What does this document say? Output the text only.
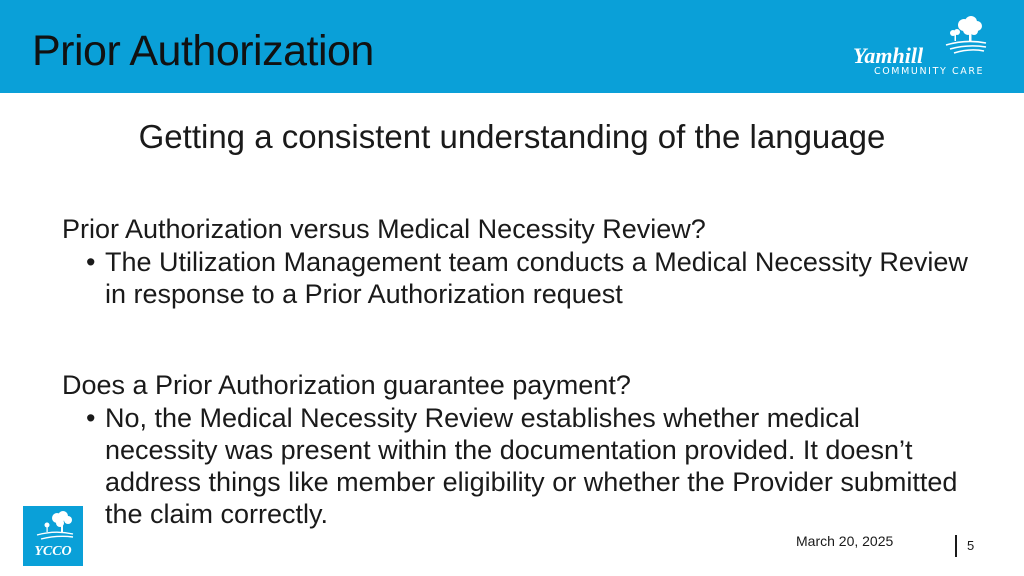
Prior Authorization	Yamhill
COMMUNITY CARE
Getting a consistent understanding of the language
Prior Authorization versus Medical Necessity Review?
• The Utilization Management team conducts a Medical Necessity Review in response to a Prior Authorization request
Does a Prior Authorization guarantee payment?
• No, the Medical Necessity Review establishes whether medical necessity was present within the documentation provided. It doesn’t address things like member eligibility or whether the Provider submitted the claim correctly.
YCCO
March 20, 2025	5
